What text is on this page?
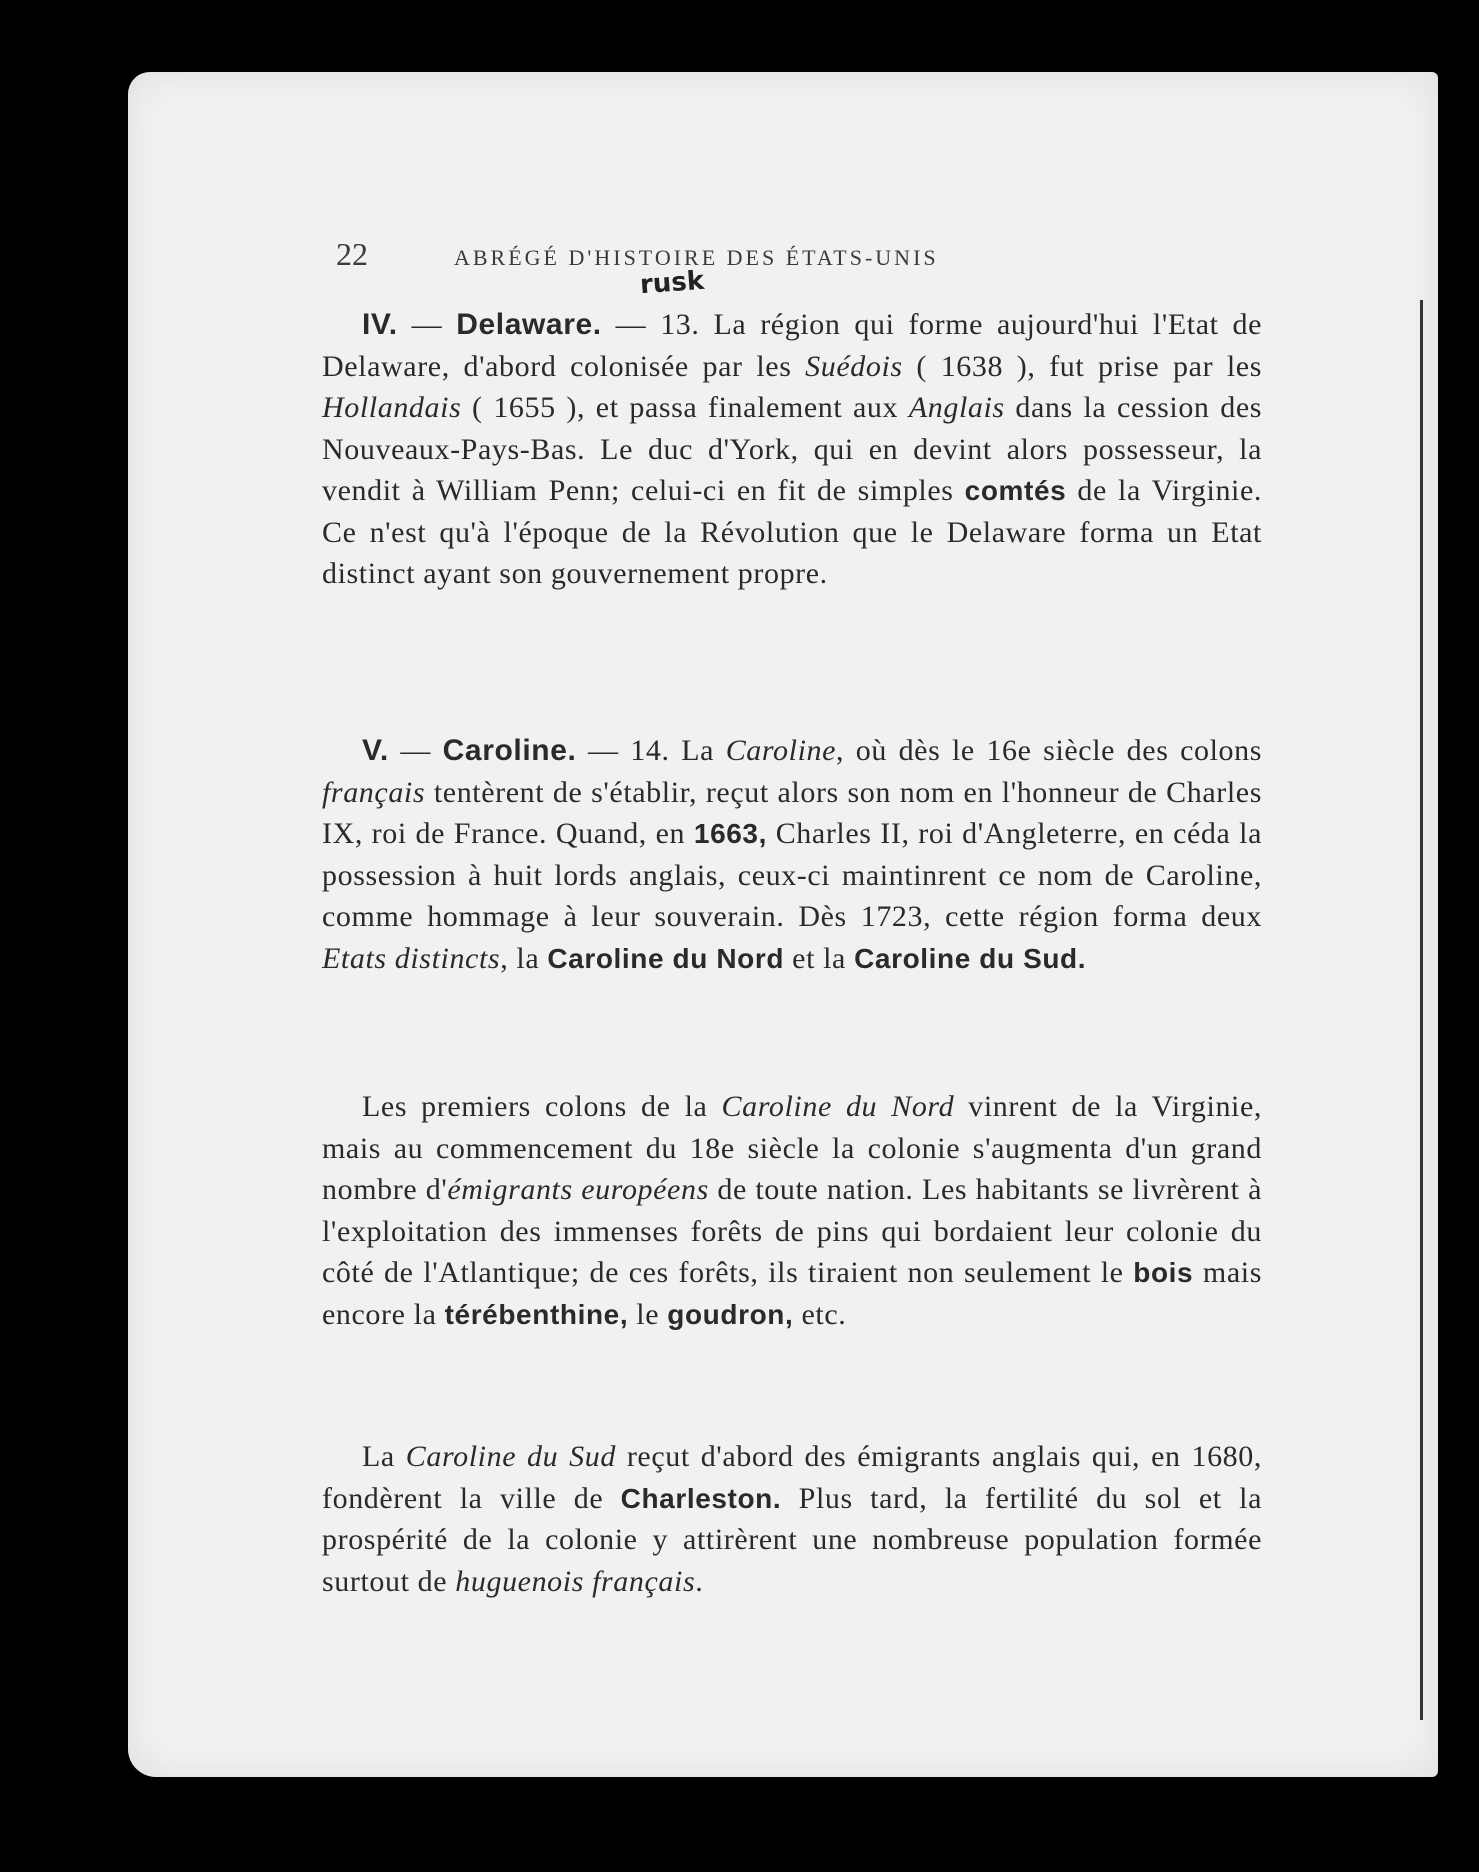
22	ABRÉGÉ D'HISTOIRE DES ÉTATS-UNIS
rusk

IV. — Delaware. — 13. La région qui forme aujourd'hui l'Etat de Delaware, d'abord colonisée par les Suédois ( 1638 ), fut prise par les Hollandais ( 1655 ), et passa finalement aux Anglais dans la cession des Nouveaux-Pays-Bas. Le duc d'York, qui en devint alors possesseur, la vendit à William Penn; celui-ci en fit de simples comtés de la Virginie. Ce n'est qu'à l'époque de la Révolution que le Delaware forma un Etat distinct ayant son gouvernement propre.

V. — Caroline. — 14. La Caroline, où dès le 16e siècle des colons français tentèrent de s'établir, reçut alors son nom en l'honneur de Charles IX, roi de France. Quand, en 1663, Charles II, roi d'Angleterre, en céda la possession à huit lords anglais, ceux-ci maintinrent ce nom de Caroline, comme hommage à leur souverain. Dès 1723, cette région forma deux Etats distincts, la Caroline du Nord et la Caroline du Sud.

Les premiers colons de la Caroline du Nord vinrent de la Virginie, mais au commencement du 18e siècle la colonie s'augmenta d'un grand nombre d'émigrants européens de toute nation. Les habitants se livrèrent à l'exploitation des immenses forêts de pins qui bordaient leur colonie du côté de l'Atlantique; de ces forêts, ils tiraient non seulement le bois mais encore la térébenthine, le goudron, etc.

La Caroline du Sud reçut d'abord des émigrants anglais qui, en 1680, fondèrent la ville de Charleston. Plus tard, la fertilité du sol et la prospérité de la colonie y attirèrent une nombreuse population formée surtout de huguenois français.
